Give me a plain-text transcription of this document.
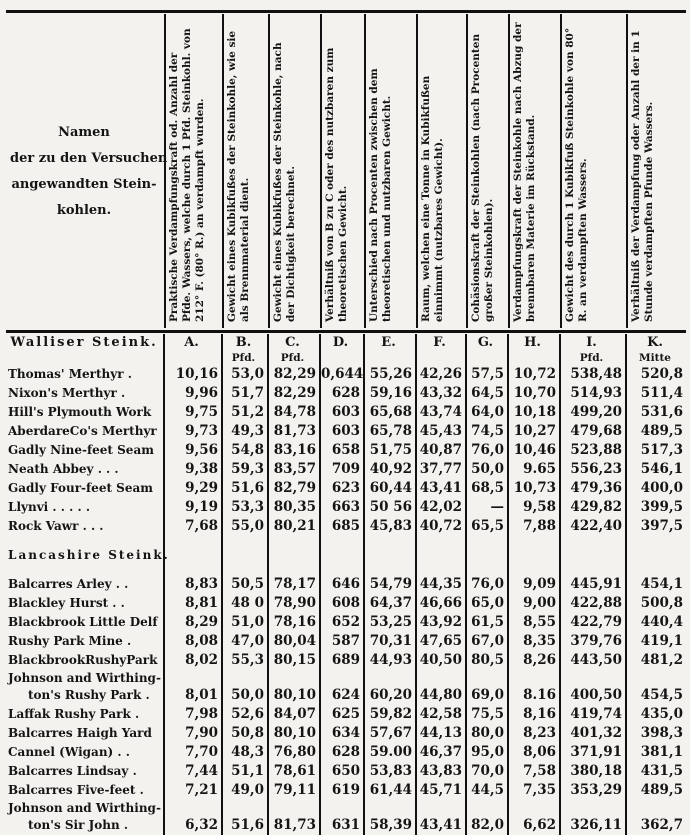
Namen
der zu den Versuchen
angewandten Stein-
kohlen.	Praktische Verdampfungskraft od. Anzahl der Pfde. Wassers, welche durch 1 Pfd. Steinkohl. von 212° F. (80° R.) an verdampft wurden.	Gewicht eines Kubikfußes der Steinkohle, wie sie als Brennmaterial dient.	Gewicht eines Kubikfußes der Steinkohle, nach der Dichtigkeit berechnet.	Verhältniß von B zu C oder des nutzbaren zum theoretischen Gewicht.	Unterschied nach Procenten zwischen dem theoretischen und nutzbaren Gewicht.	Raum, welchen eine Tonne in Kubikfußen einnimmt (nutzbares Gewicht).	Cohäsionskraft der Steinkohlen (nach Procenten großer Steinkohlen).	Verdampfungskraft der Steinkohle nach Abzug der brennbaren Materie im Rückstand.	Gewicht des durch 1 Kubikfuß Steinkohle von 80° R. an verdampften Wassers.	Verhältniß der Verdampfung oder Anzahl der in 1 Stunde verdampften Pfunde Wassers.
Walliser Steink.	A.	B.	C.	D.	E.	F.	G.	H.	I.	K.
		Pfd.	Pfd.						Pfd.	Mitte
Thomas' Merthyr .	10,16	53,0	82,29	0,644	55,26	42,26	57,5	10,72	538,48	520,8
Nixon's Merthyr .	9,96	51,7	82,29	628	59,16	43,32	64,5	10,70	514,93	511,4
Hill's Plymouth Work	9,75	51,2	84,78	603	65,68	43,74	64,0	10,18	499,20	531,6
AberdareCo's Merthyr	9,73	49,3	81,73	603	65,78	45,43	74,5	10,27	479,68	489,5
Gadly Nine-feet Seam	9,56	54,8	83,16	658	51,75	40,87	76,0	10,46	523,88	517,3
Neath Abbey . . .	9,38	59,3	83,57	709	40,92	37,77	50,0	9.65	556,23	546,1
Gadly Four-feet Seam	9,29	51,6	82,79	623	60,44	43,41	68,5	10,73	479,36	400,0
Llynvi . . . . .	9,19	53,3	80,35	663	50 56	42,02	—	9,58	429,82	399,5
Rock Vawr . . .	7,68	55,0	80,21	685	45,83	40,72	65,5	7,88	422,40	397,5

Lancashire Steink.										

Balcarres Arley . .	8,83	50,5	78,17	646	54,79	44,35	76,0	9,09	445,91	454,1
Blackley Hurst . .	8,81	48 0	78,90	608	64,37	46,66	65,0	9,00	422,88	500,8
Blackbrook Little Delf	8,29	51,0	78,16	652	53,25	43,92	61,5	8,55	422,79	440,4
Rushy Park Mine .	8,08	47,0	80,04	587	70,31	47,65	67,0	8,35	379,76	419,1
BlackbrookRushyPark	8,02	55,3	80,15	689	44,93	40,50	80,5	8,26	443,50	481,2
Johnson and Wirthing-										
ton's Rushy Park .	8,01	50,0	80,10	624	60,20	44,80	69,0	8.16	400,50	454,5
Laffak Rushy Park .	7,98	52,6	84,07	625	59,82	42,58	75,5	8,16	419,74	435,0
Balcarres Haigh Yard	7,90	50,8	80,10	634	57,67	44,13	80,0	8,23	401,32	398,3
Cannel (Wigan) . .	7,70	48,3	76,80	628	59.00	46,37	95,0	8,06	371,91	381,1
Balcarres Lindsay .	7,44	51,1	78,61	650	53,83	43,83	70,0	7,58	380,18	431,5
Balcarres Five-feet .	7,21	49,0	79,11	619	61,44	45,71	44,5	7,35	353,29	489,5
Johnson and Wirthing-										
ton's Sir John .	6,32	51,6	81,73	631	58,39	43,41	82,0	6,62	326,11	362,7
